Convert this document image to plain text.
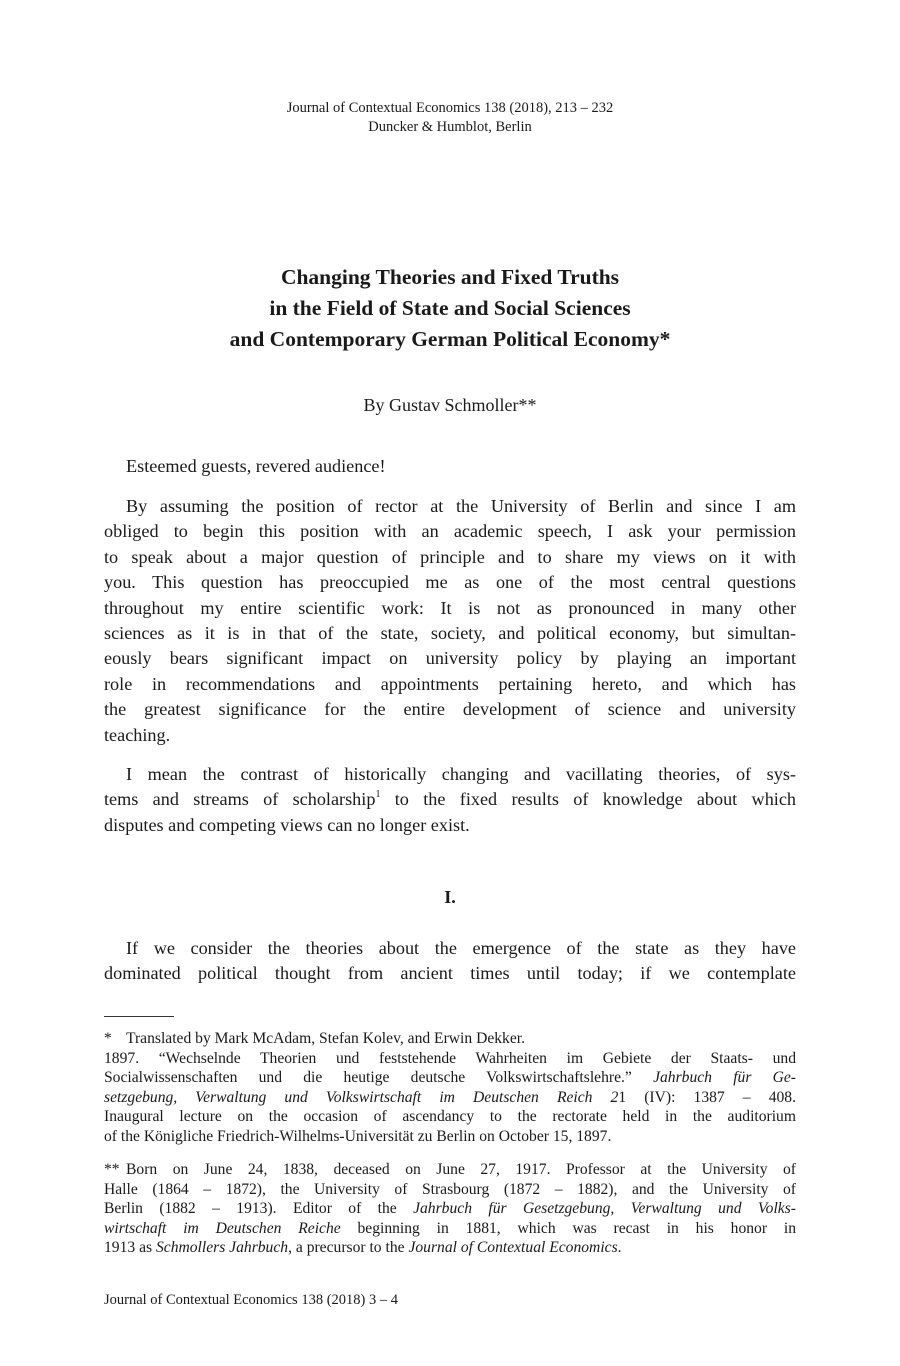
Journal of Contextual Economics 138 (2018), 213 – 232
Duncker & Humblot, Berlin
Changing Theories and Fixed Truths
in the Field of State and Social Sciences
and Contemporary German Political Economy*
By Gustav Schmoller**
Esteemed guests, revered audience!
By assuming the position of rector at the University of Berlin and since I am
obliged to begin this position with an academic speech, I ask your permission
to speak about a major question of principle and to share my views on it with
you. This question has preoccupied me as one of the most central questions
throughout my entire scientific work: It is not as pronounced in many other
sciences as it is in that of the state, society, and political economy, but simultan-
eously bears significant impact on university policy by playing an important
role in recommendations and appointments pertaining hereto, and which has
the greatest significance for the entire development of science and university
teaching.
I mean the contrast of historically changing and vacillating theories, of sys-
tems and streams of scholarship$^1$ to the fixed results of knowledge about which
disputes and competing views can no longer exist.
I.
If we consider the theories about the emergence of the state as they have
dominated political thought from ancient times until today; if we contemplate
* Translated by Mark McAdam, Stefan Kolev, and Erwin Dekker.
1897. “Wechselnde Theorien und feststehende Wahrheiten im Gebiete der Staats- und
Socialwissenschaften und die heutige deutsche Volkswirtschaftslehre.” Jahrbuch für Ge-
setzgebung, Verwaltung und Volkswirtschaft im Deutschen Reich 21 (IV): 1387 – 408.
Inaugural lecture on the occasion of ascendancy to the rectorate held in the auditorium
of the Königliche Friedrich-Wilhelms-Universität zu Berlin on October 15, 1897.
** Born on June 24, 1838, deceased on June 27, 1917. Professor at the University of
Halle (1864 – 1872), the University of Strasbourg (1872 – 1882), and the University of
Berlin (1882 – 1913). Editor of the Jahrbuch für Gesetzgebung, Verwaltung und Volks-
wirtschaft im Deutschen Reiche beginning in 1881, which was recast in his honor in
1913 as Schmollers Jahrbuch, a precursor to the Journal of Contextual Economics.
Journal of Contextual Economics 138 (2018) 3 – 4
